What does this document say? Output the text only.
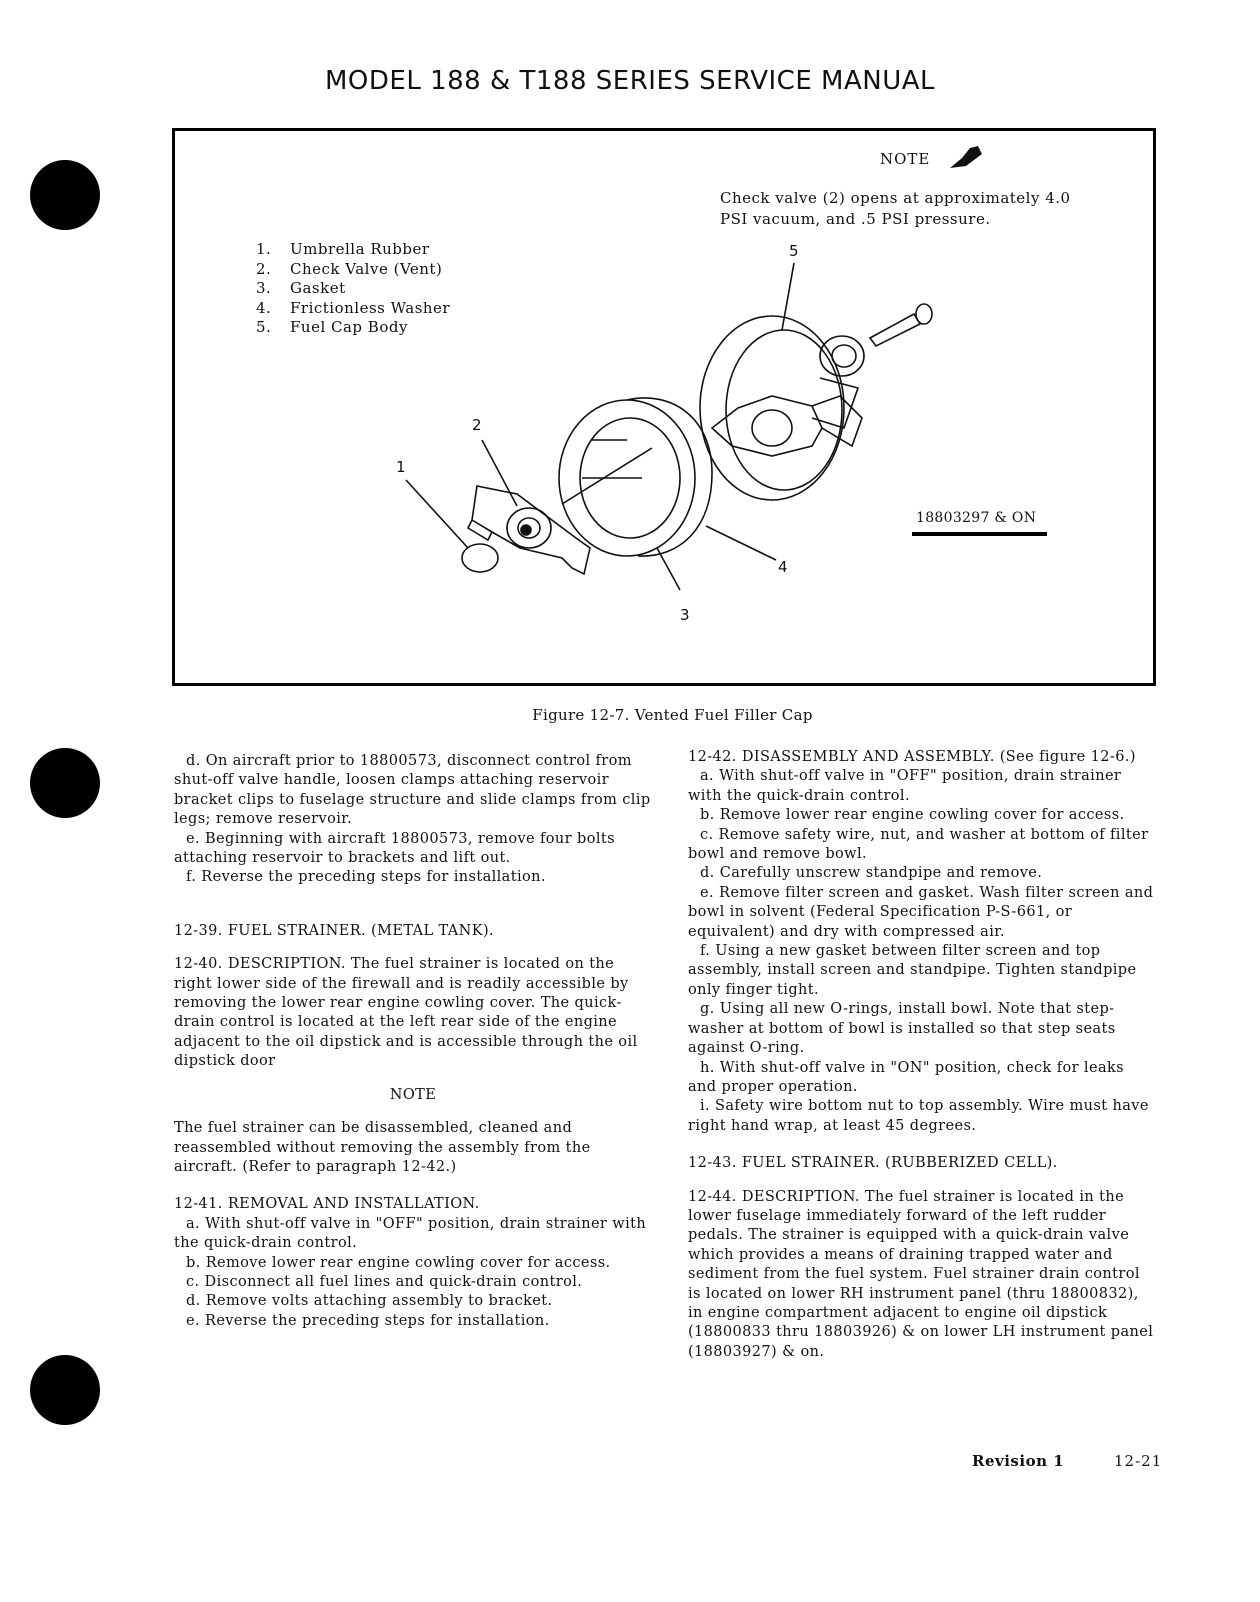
MODEL 188 & T188 SERIES SERVICE MANUAL
NOTE
Check valve (2) opens at approximately 4.0
PSI vacuum, and .5 PSI pressure.
1. Umbrella Rubber
2. Check Valve (Vent)
3. Gasket
4. Frictionless Washer
5. Fuel Cap Body
1
2
3
4
5
18803297 & ON
Figure 12-7. Vented Fuel Filler Cap

d. On aircraft prior to 18800573, disconnect control from shut-off valve handle, loosen clamps attaching reservoir bracket clips to fuselage structure and slide clamps from clip legs; remove reservoir.

e. Beginning with aircraft 18800573, remove four bolts attaching reservoir to brackets and lift out.

f. Reverse the preceding steps for installation.

12-39. FUEL STRAINER. (METAL TANK).

12-40. DESCRIPTION. The fuel strainer is located on the right lower side of the firewall and is readily accessible by removing the lower rear engine cowling cover. The quick-drain control is located at the left rear side of the engine adjacent to the oil dipstick and is accessible through the oil dipstick door

NOTE

The fuel strainer can be disassembled, cleaned and reassembled without removing the assembly from the aircraft. (Refer to paragraph 12-42.)

12-41. REMOVAL AND INSTALLATION.

a. With shut-off valve in "OFF" position, drain strainer with the quick-drain control.

b. Remove lower rear engine cowling cover for access.

c. Disconnect all fuel lines and quick-drain control.

d. Remove volts attaching assembly to bracket.

e. Reverse the preceding steps for installation.

12-42. DISASSEMBLY AND ASSEMBLY. (See figure 12-6.)

a. With shut-off valve in "OFF" position, drain strainer with the quick-drain control.

b. Remove lower rear engine cowling cover for access.

c. Remove safety wire, nut, and washer at bottom of filter bowl and remove bowl.

d. Carefully unscrew standpipe and remove.

e. Remove filter screen and gasket. Wash filter screen and bowl in solvent (Federal Specification P-S-661, or equivalent) and dry with compressed air.

f. Using a new gasket between filter screen and top assembly, install screen and standpipe. Tighten standpipe only finger tight.

g. Using all new O-rings, install bowl. Note that step-washer at bottom of bowl is installed so that step seats against O-ring.

h. With shut-off valve in "ON" position, check for leaks and proper operation.

i. Safety wire bottom nut to top assembly. Wire must have right hand wrap, at least 45 degrees.

12-43. FUEL STRAINER. (RUBBERIZED CELL).

12-44. DESCRIPTION. The fuel strainer is located in the lower fuselage immediately forward of the left rudder pedals. The strainer is equipped with a quick-drain valve which provides a means of draining trapped water and sediment from the fuel system. Fuel strainer drain control is located on lower RH instrument panel (thru 18800832), in engine compartment adjacent to engine oil dipstick (18800833 thru 18803926) & on lower LH instrument panel (18803927) & on.

Revision 1	12-21
